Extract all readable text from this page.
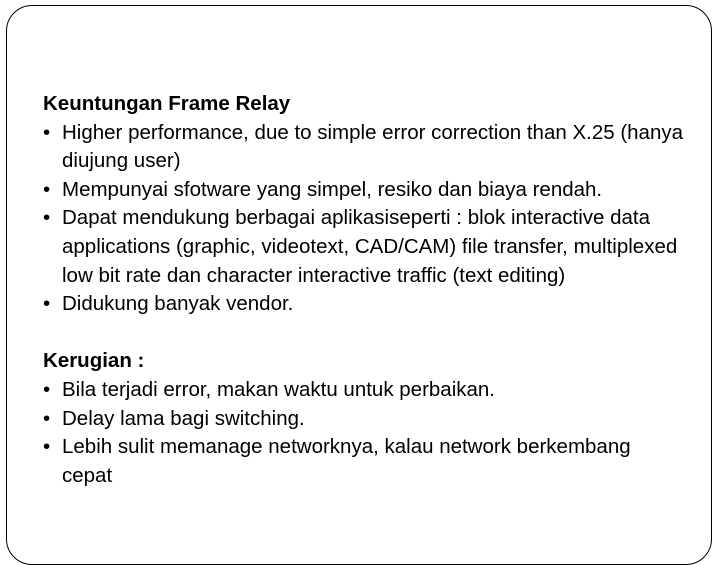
Keuntungan Frame Relay
• Higher performance, due to simple error correction than X.25 (hanya diujung user)
• Mempunyai sfotware yang simpel, resiko dan biaya rendah.
• Dapat mendukung berbagai aplikasiseperti : blok interactive data applications (graphic, videotext, CAD/CAM) file transfer, multiplexed low bit rate dan character interactive traffic (text editing)
• Didukung banyak vendor.
Kerugian :
• Bila terjadi error, makan waktu untuk perbaikan.
• Delay lama bagi switching.
• Lebih sulit memanage networknya, kalau network berkembang cepat
